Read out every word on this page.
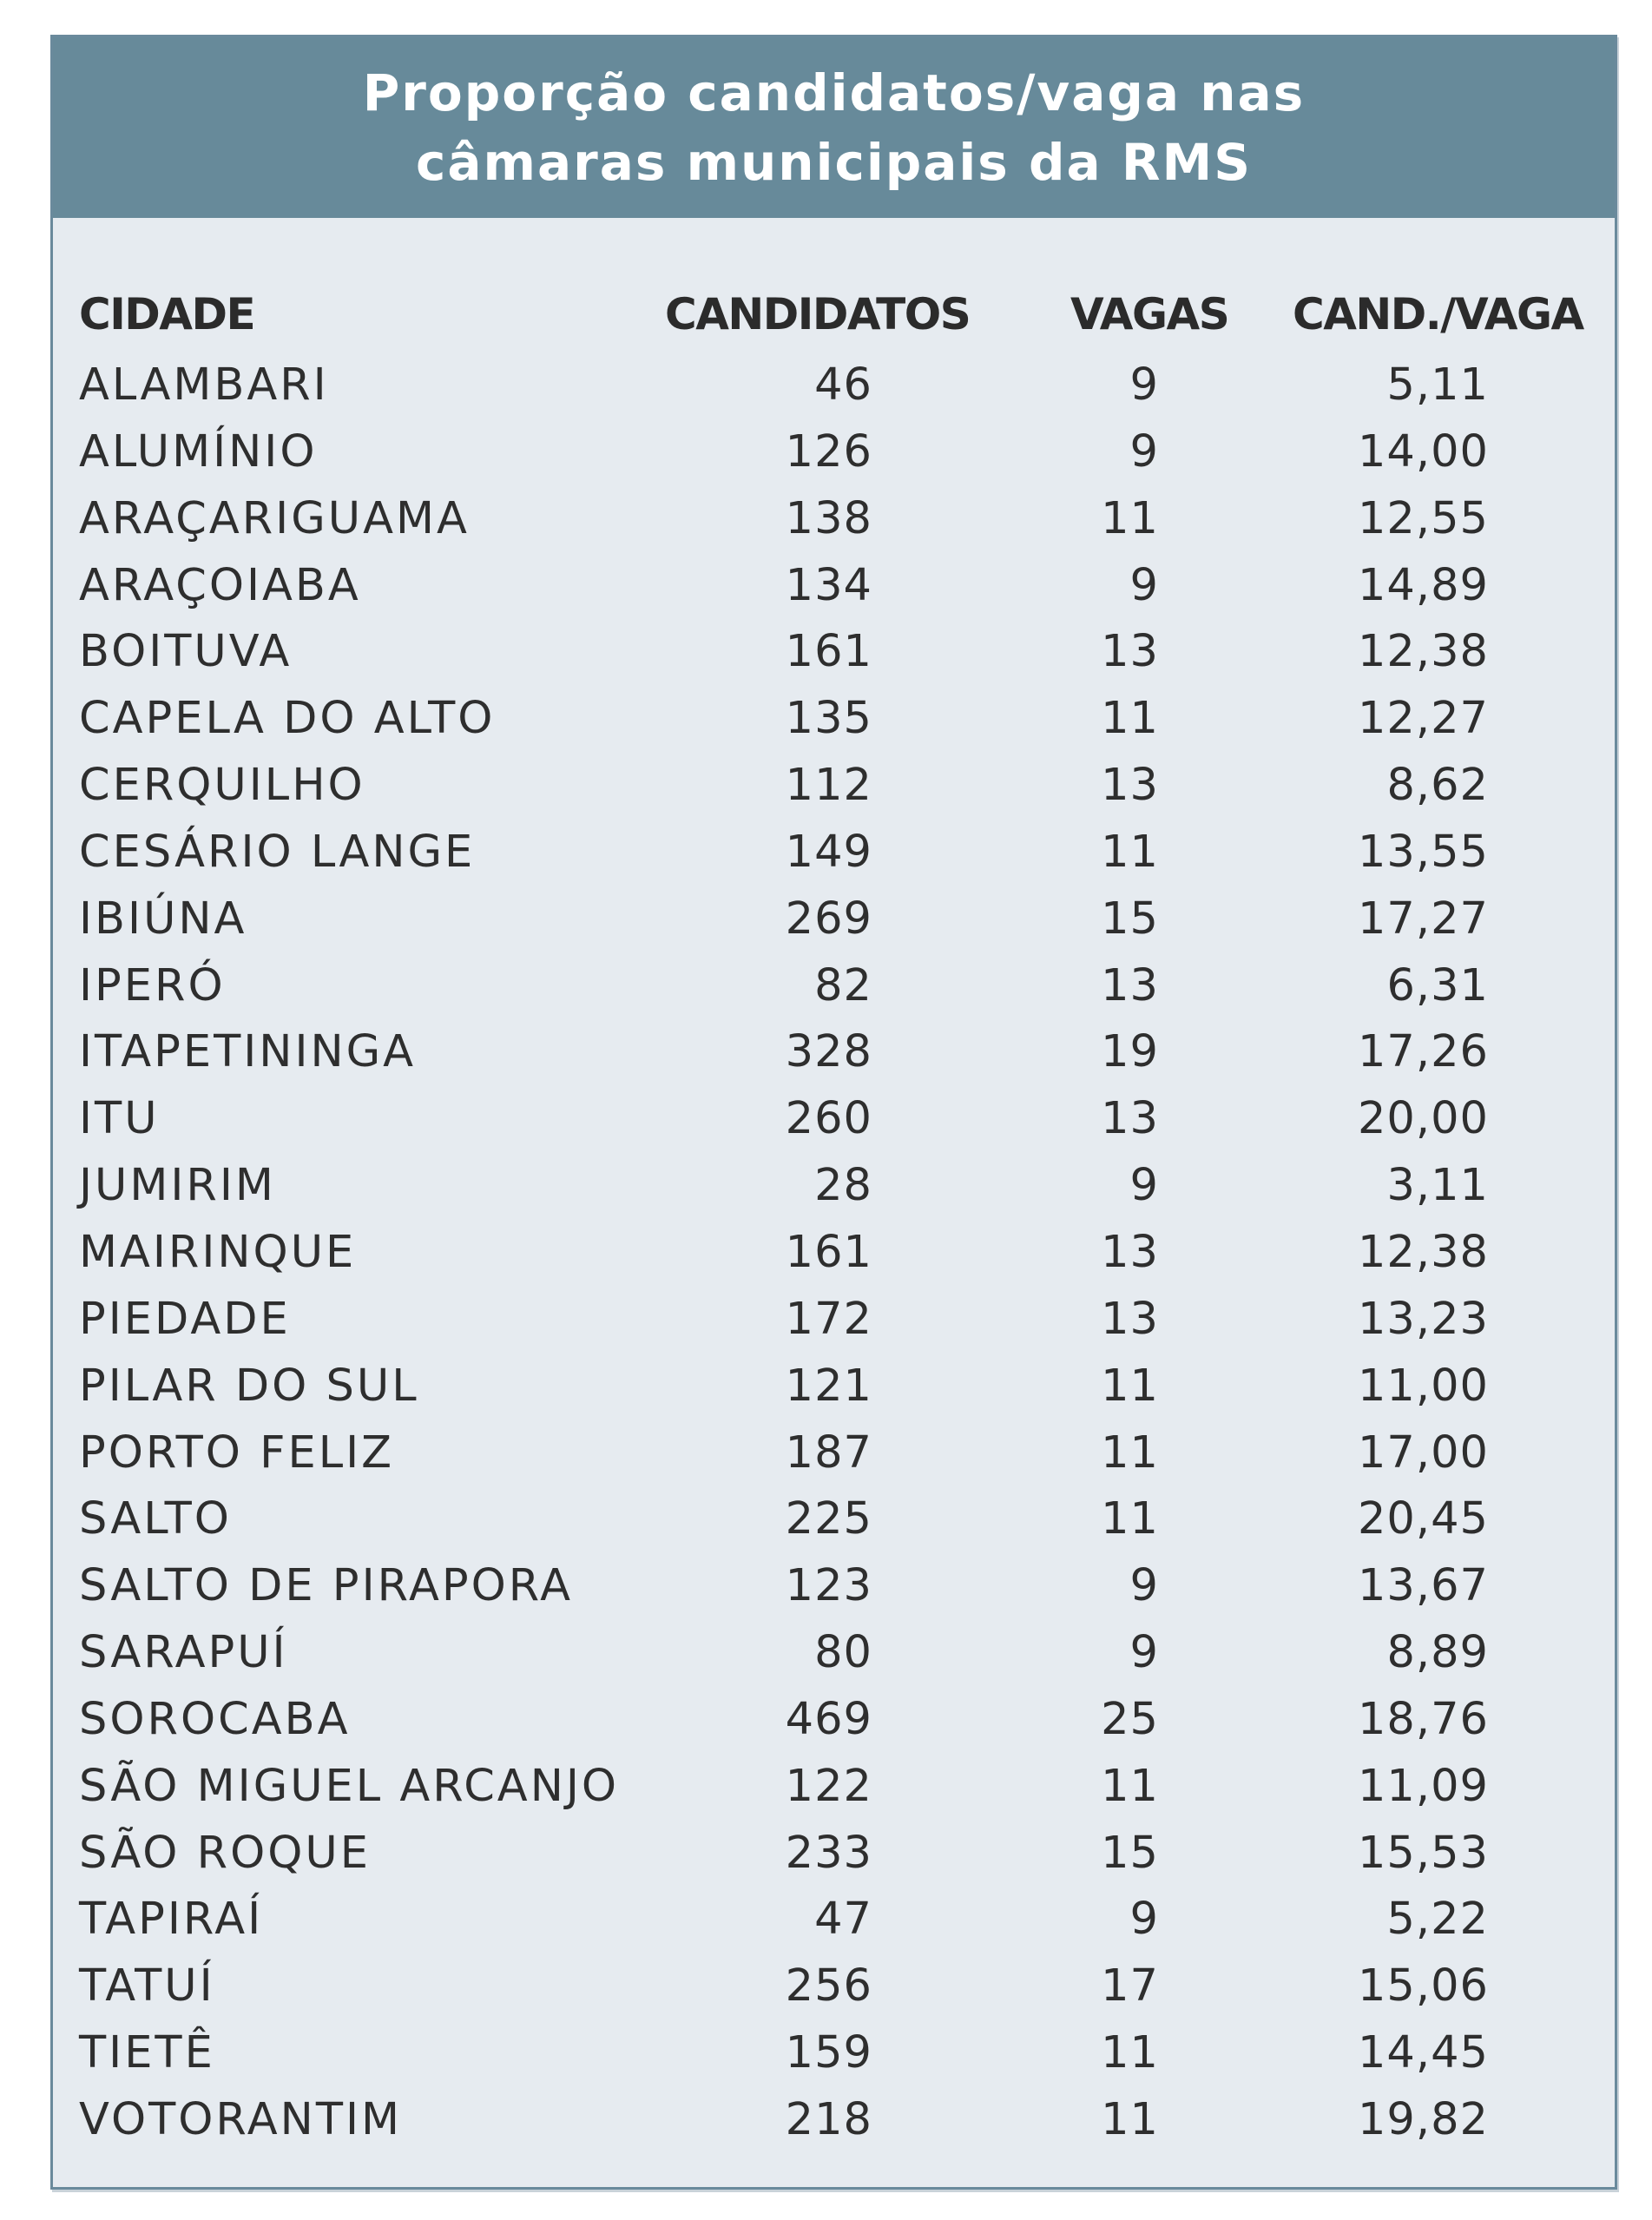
Proporção candidatos/vaga nas
câmaras municipais da RMS
CIDADE	CANDIDATOS VAGAS CAND./VAGA
ALAMBARI	46	9	5,11
ALUMÍNIO	126	9	14,00
ARAÇARIGUAMA	138	11	12,55
ARAÇOIABA	134	9	14,89
BOITUVA	161	13	12,38
CAPELA DO ALTO	135	11	12,27
CERQUILHO	112	13	8,62
CESÁRIO LANGE	149	11	13,55
IBIÚNA	269	15	17,27
IPERÓ	82	13	6,31
ITAPETININGA	328	19	17,26
ITU	260	13	20,00
JUMIRIM	28	9	3,11
MAIRINQUE	161	13	12,38
PIEDADE	172	13	13,23
PILAR DO SUL	121	11	11,00
PORTO FELIZ	187	11	17,00
SALTO	225	11	20,45
SALTO DE PIRAPORA	123	9	13,67
SARAPUÍ	80	9	8,89
SOROCABA	469	25	18,76
SÃO MIGUEL ARCANJO	122	11	11,09
SÃO ROQUE	233	15	15,53
TAPIRAÍ	47	9	5,22
TATUÍ	256	17	15,06
TIETÊ	159	11	14,45
VOTORANTIM	218	11	19,82
